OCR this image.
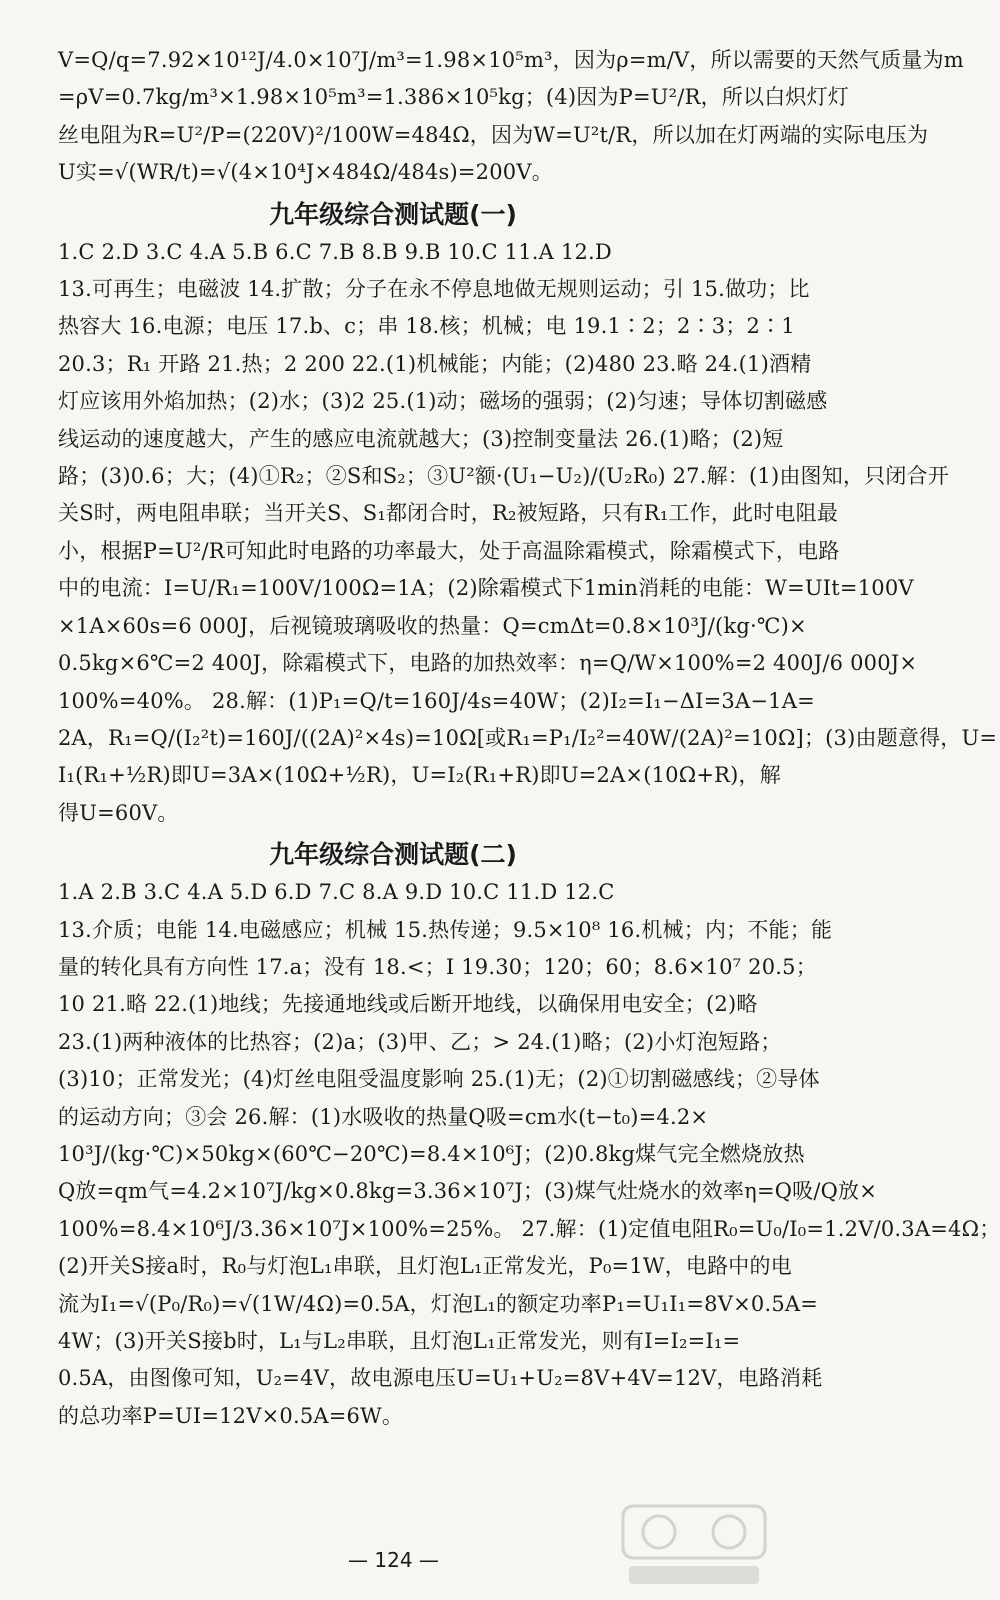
V=Q/q=7.92×10¹²J/4.0×10⁷J/m³=1.98×10⁵m³，因为ρ=m/V，所以需要的天然气质量为m
=ρV=0.7kg/m³×1.98×10⁵m³=1.386×10⁵kg；(4)因为P=U²/R，所以白炽灯灯
丝电阻为R=U²/P=(220V)²/100W=484Ω，因为W=U²t/R，所以加在灯两端的实际电压为
U实=√(WR/t)=√(4×10⁴J×484Ω/484s)=200V。
九年级综合测试题(一)
1.C 2.D 3.C 4.A 5.B 6.C 7.B 8.B 9.B 10.C 11.A 12.D
13.可再生；电磁波 14.扩散；分子在永不停息地做无规则运动；引 15.做功；比
热容大 16.电源；电压 17.b、c；串 18.核；机械；电 19.1∶2；2∶3；2∶1
20.3；R₁ 开路 21.热；2 200 22.(1)机械能；内能；(2)480 23.略 24.(1)酒精
灯应该用外焰加热；(2)水；(3)2 25.(1)动；磁场的强弱；(2)匀速；导体切割磁感
线运动的速度越大，产生的感应电流就越大；(3)控制变量法 26.(1)略；(2)短
路；(3)0.6；大；(4)①R₂；②S和S₂；③U²额·(U₁−U₂)/(U₂R₀) 27.解：(1)由图知，只闭合开
关S时，两电阻串联；当开关S、S₁都闭合时，R₂被短路，只有R₁工作，此时电阻最
小，根据P=U²/R可知此时电路的功率最大，处于高温除霜模式，除霜模式下，电路
中的电流：I=U/R₁=100V/100Ω=1A；(2)除霜模式下1min消耗的电能：W=UIt=100V
×1A×60s=6 000J，后视镜玻璃吸收的热量：Q=cmΔt=0.8×10³J/(kg·℃)×
0.5kg×6℃=2 400J，除霜模式下，电路的加热效率：η=Q/W×100%=2 400J/6 000J×
100%=40%。 28.解：(1)P₁=Q/t=160J/4s=40W；(2)I₂=I₁−ΔI=3A−1A=
2A，R₁=Q/(I₂²t)=160J/((2A)²×4s)=10Ω[或R₁=P₁/I₂²=40W/(2A)²=10Ω]；(3)由题意得，U=
I₁(R₁+½R)即U=3A×(10Ω+½R)，U=I₂(R₁+R)即U=2A×(10Ω+R)，解
得U=60V。
九年级综合测试题(二)
1.A 2.B 3.C 4.A 5.D 6.D 7.C 8.A 9.D 10.C 11.D 12.C
13.介质；电能 14.电磁感应；机械 15.热传递；9.5×10⁸ 16.机械；内；不能；能
量的转化具有方向性 17.a；没有 18.<；I 19.30；120；60；8.6×10⁷ 20.5；
10 21.略 22.(1)地线；先接通地线或后断开地线，以确保用电安全；(2)略
23.(1)两种液体的比热容；(2)a；(3)甲、乙；> 24.(1)略；(2)小灯泡短路；
(3)10；正常发光；(4)灯丝电阻受温度影响 25.(1)无；(2)①切割磁感线；②导体
的运动方向；③会 26.解：(1)水吸收的热量Q吸=cm水(t−t₀)=4.2×
10³J/(kg·℃)×50kg×(60℃−20℃)=8.4×10⁶J；(2)0.8kg煤气完全燃烧放热
Q放=qm气=4.2×10⁷J/kg×0.8kg=3.36×10⁷J；(3)煤气灶烧水的效率η=Q吸/Q放×
100%=8.4×10⁶J/3.36×10⁷J×100%=25%。 27.解：(1)定值电阻R₀=U₀/I₀=1.2V/0.3A=4Ω；
(2)开关S接a时，R₀与灯泡L₁串联，且灯泡L₁正常发光，P₀=1W，电路中的电
流为I₁=√(P₀/R₀)=√(1W/4Ω)=0.5A，灯泡L₁的额定功率P₁=U₁I₁=8V×0.5A=
4W；(3)开关S接b时，L₁与L₂串联，且灯泡L₁正常发光，则有I=I₂=I₁=
0.5A，由图像可知，U₂=4V，故电源电压U=U₁+U₂=8V+4V=12V，电路消耗
的总功率P=UI=12V×0.5A=6W。
— 124 —
